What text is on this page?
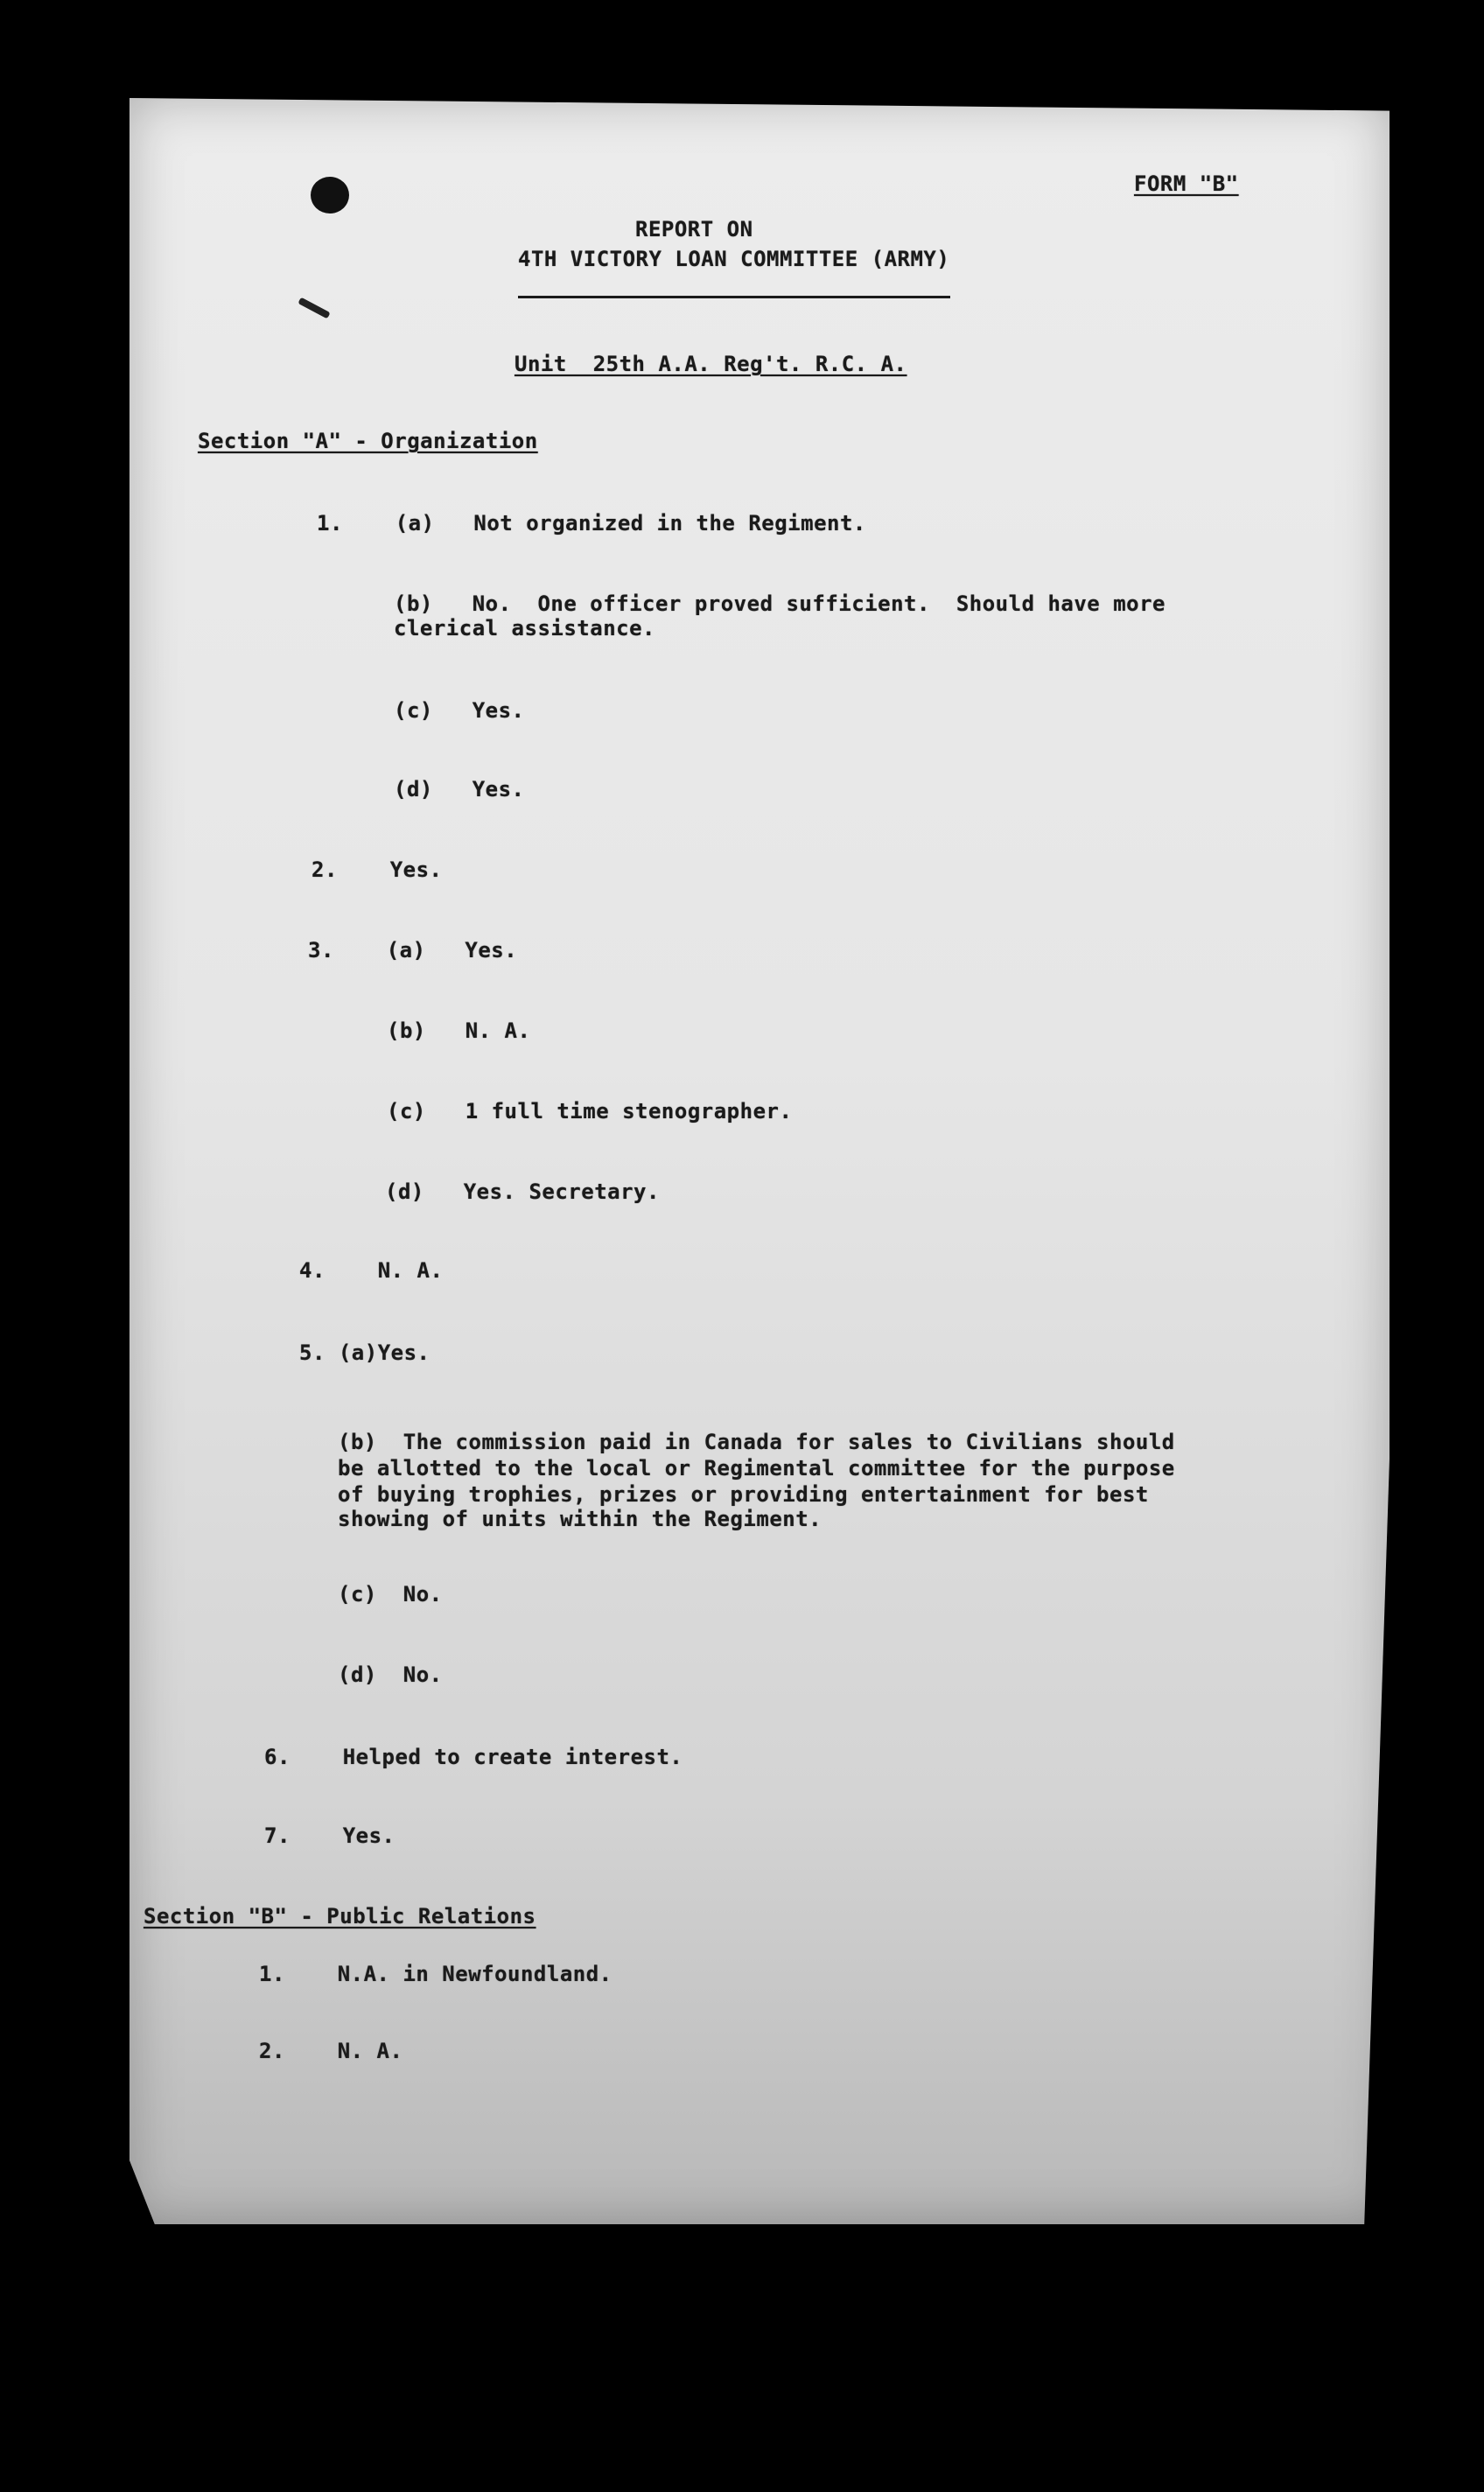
FORM "B"
REPORT ON
4TH VICTORY LOAN COMMITTEE (ARMY)
Unit  25th A.A. Reg't. R.C. A.
Section "A" - Organization
1.    (a)   Not organized in the Regiment.
(b)   No.  One officer proved sufficient.  Should have more
clerical assistance.
(c)   Yes.
(d)   Yes.
2.    Yes.
3.    (a)   Yes.
(b)   N. A.
(c)   1 full time stenographer.
(d)   Yes. Secretary.
4.    N. A.
5. (a)Yes.
(b)  The commission paid in Canada for sales to Civilians should
be allotted to the local or Regimental committee for the purpose
of buying trophies, prizes or providing entertainment for best
showing of units within the Regiment.
(c)  No.
(d)  No.
6.    Helped to create interest.
7.    Yes.
Section "B" - Public Relations
1.    N.A. in Newfoundland.
2.    N. A.
